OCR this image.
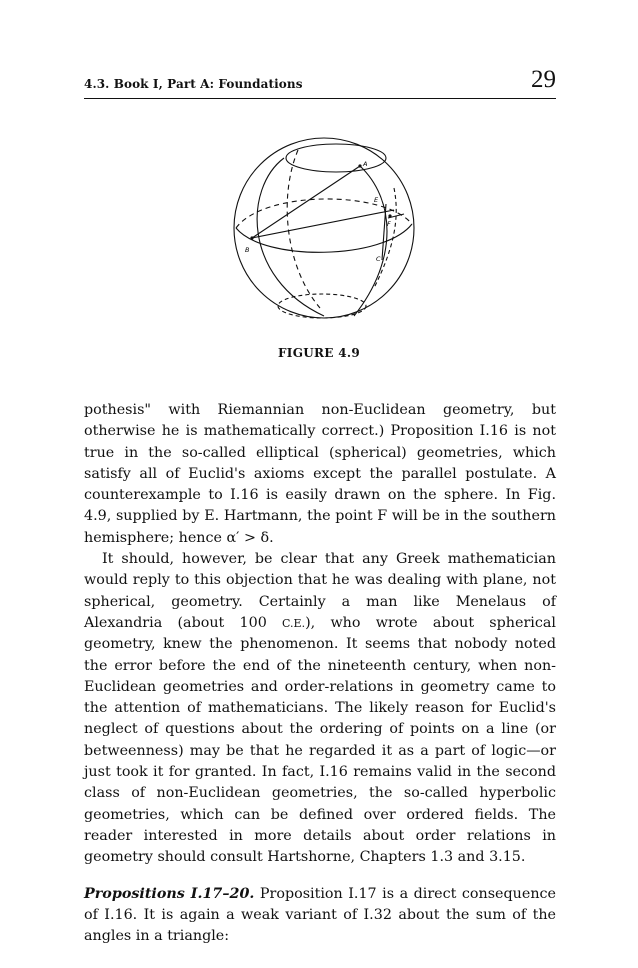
4.3. Book I, Part A: Foundations	29
A
E
F
C
B
FIGURE 4.9

pothesis" with Riemannian non-Euclidean geometry, but otherwise he is mathematically correct.) Proposition I.16 is not true in the so-called elliptical (spherical) geometries, which satisfy all of Euclid's axioms except the parallel postulate. A counterexample to I.16 is easily drawn on the sphere. In Fig. 4.9, supplied by E. Hartmann, the point F will be in the southern hemisphere; hence α′ > δ.

It should, however, be clear that any Greek mathematician would reply to this objection that he was dealing with plane, not spherical, geometry. Certainly a man like Menelaus of Alexandria (about 100 C.E.), who wrote about spherical geometry, knew the phenomenon. It seems that nobody noted the error before the end of the nineteenth century, when non-Euclidean geometries and order-relations in geometry came to the attention of mathematicians. The likely reason for Euclid's neglect of questions about the ordering of points on a line (or betweenness) may be that he regarded it as a part of logic—or just took it for granted. In fact, I.16 remains valid in the second class of non-Euclidean geometries, the so-called hyperbolic geometries, which can be defined over ordered fields. The reader interested in more details about order relations in geometry should consult Hartshorne, Chapters 1.3 and 3.15.

Propositions I.17–20. Proposition I.17 is a direct consequence of I.16. It is again a weak variant of I.32 about the sum of the angles in a triangle:
